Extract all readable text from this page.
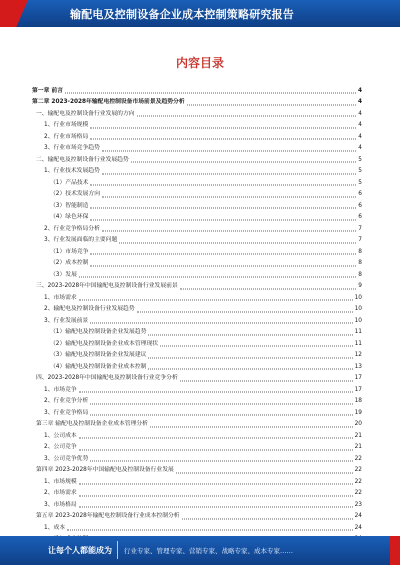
输配电及控制设备企业成本控制策略研究报告
内容目录
第一章 前言	4
第二章 2023-2028年输配电控制设备市场前景及趋势分析	4
一、输配电及控制设备行业发展的方向	4
1、行业市场规模	4
2、行业市场格局	4
3、行业市场竞争趋势	4
二、输配电及控制设备行业发展趋势	5
1、行业技术发展趋势	5
（1）产品技术	5
（2）技术发展方向	6
（3）智能制造	6
（4）绿色环保	6
2、行业竞争格局分析	7
3、行业发展面临的主要问题	7
（1）市场竞争	8
（2）成本控制	8
（3）发展	8
三、2023-2028年中国输配电及控制设备行业发展前景	9
1、市场需求	10
2、输配电及控制设备行业发展趋势	10
3、行业发展前景	10
（1）输配电及控制设备企业发展趋势	11
（2）输配电及控制设备企业成本管理现状	11
（3）输配电及控制设备企业发展建议	12
（4）输配电及控制设备企业成本控制	13
四、2023-2028年中国输配电及控制设备行业竞争分析	17
1、市场竞争	17
2、行业竞争分析	18
3、行业竞争格局	19
第三章 输配电及控制设备企业成本管理分析	20
1、公司成本	21
2、公司竞争	21
3、公司竞争优势	22
第四章 2023-2028年中国输配电及控制设备行业发展	22
1、市场规模	22
2、市场需求	22
3、市场格局	23
第五章 2023-2028年输配电控制设备行业成本控制分析	24
1、成本	24
让每个人都能成为 行业专家、管理专家、营销专家、战略专家、成本专家……
